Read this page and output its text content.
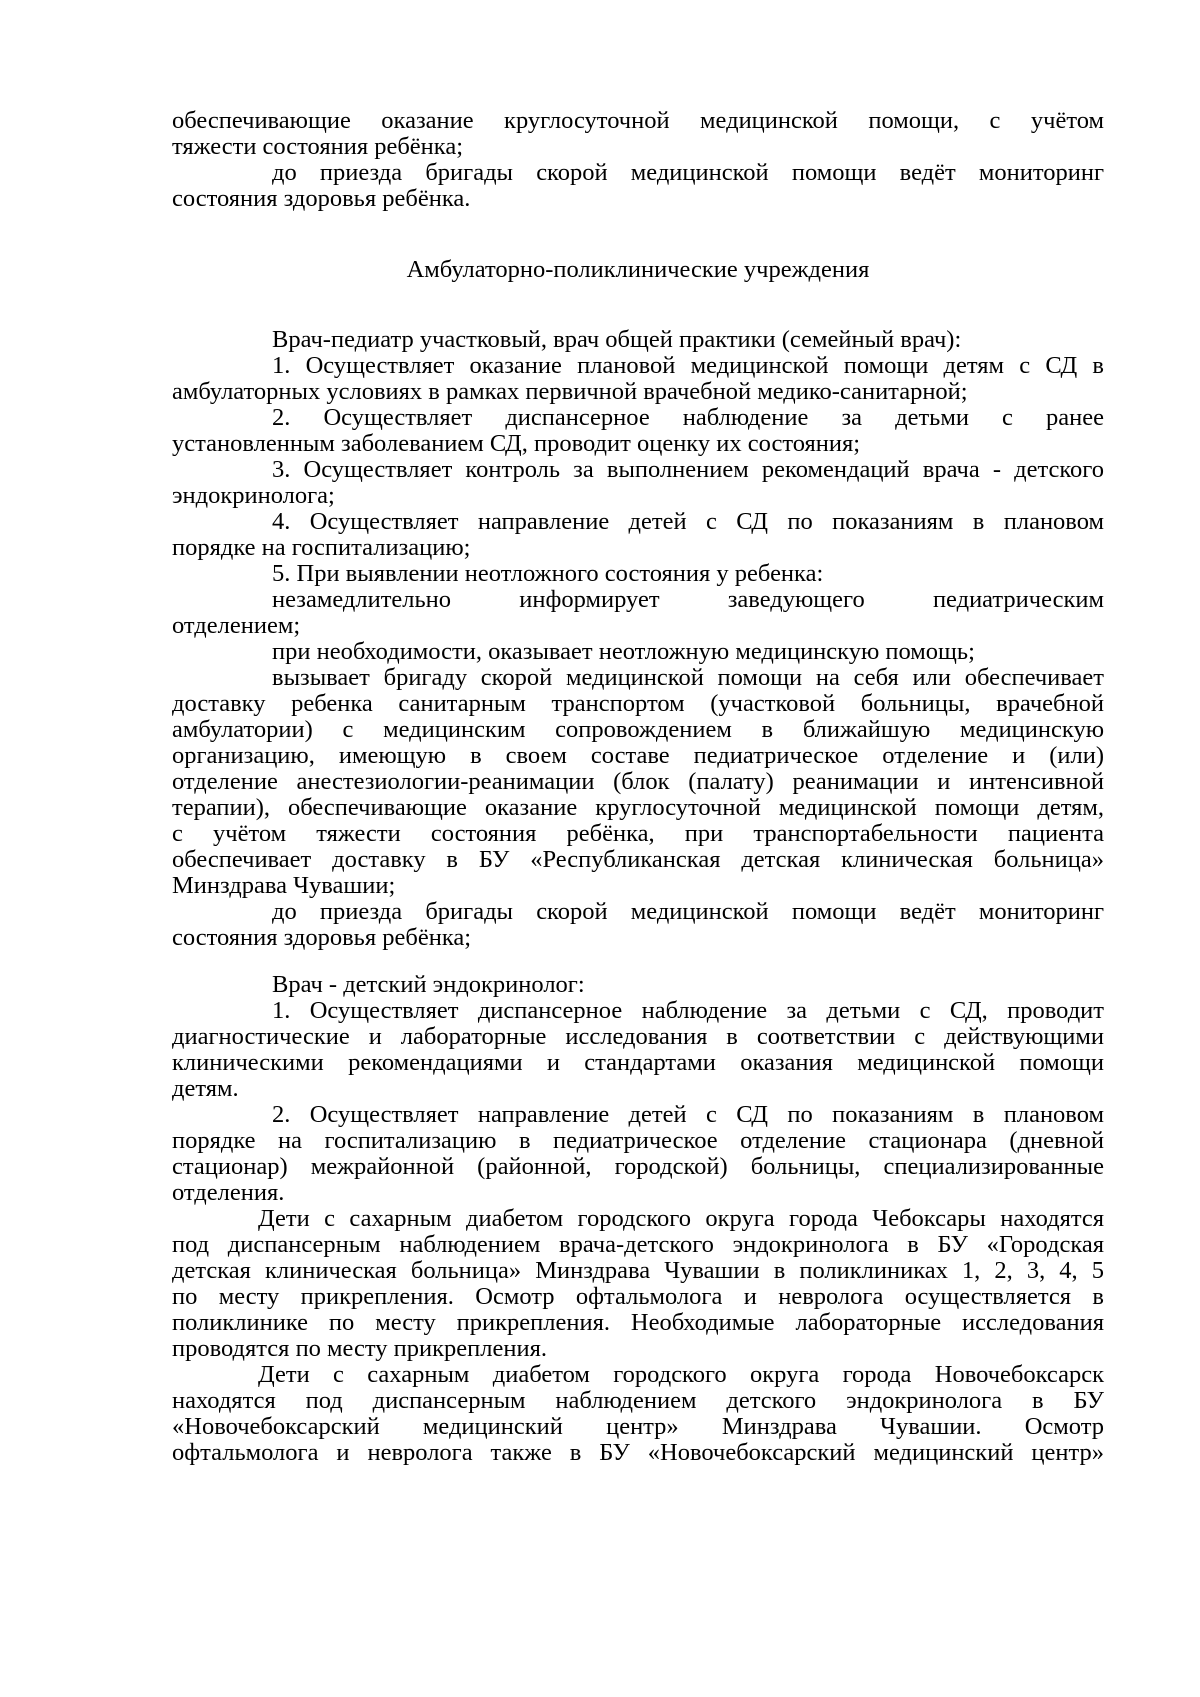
обеспечивающие оказание круглосуточной медицинской помощи, с учётом
тяжести состояния ребёнка;
до приезда бригады скорой медицинской помощи ведёт мониторинг
состояния здоровья ребёнка.
Амбулаторно-поликлинические учреждения
Врач-педиатр участковый, врач общей практики (семейный врач):
1. Осуществляет оказание плановой медицинской помощи детям с СД в
амбулаторных условиях в рамках первичной врачебной медико-санитарной;
2. Осуществляет диспансерное наблюдение за детьми с ранее
установленным заболеванием СД, проводит оценку их состояния;
3. Осуществляет контроль за выполнением рекомендаций врача - детского
эндокринолога;
4. Осуществляет направление детей с СД по показаниям в плановом
порядке на госпитализацию;
5. При выявлении неотложного состояния у ребенка:
незамедлительно информирует заведующего педиатрическим
отделением;
при необходимости, оказывает неотложную медицинскую помощь;
вызывает бригаду скорой медицинской помощи на себя или обеспечивает
доставку ребенка санитарным транспортом (участковой больницы, врачебной
амбулатории) с медицинским сопровождением в ближайшую медицинскую
организацию, имеющую в своем составе педиатрическое отделение и (или)
отделение анестезиологии-реанимации (блок (палату) реанимации и интенсивной
терапии), обеспечивающие оказание круглосуточной медицинской помощи детям,
с учётом тяжести состояния ребёнка, при транспортабельности пациента
обеспечивает доставку в БУ «Республиканская детская клиническая больница»
Минздрава Чувашии;
до приезда бригады скорой медицинской помощи ведёт мониторинг
состояния здоровья ребёнка;
Врач - детский эндокринолог:
1. Осуществляет диспансерное наблюдение за детьми с СД, проводит
диагностические и лабораторные исследования в соответствии с действующими
клиническими рекомендациями и стандартами оказания медицинской помощи
детям.
2. Осуществляет направление детей с СД по показаниям в плановом
порядке на госпитализацию в педиатрическое отделение стационара (дневной
стационар) межрайонной (районной, городской) больницы, специализированные
отделения.
Дети с сахарным диабетом городского округа города Чебоксары находятся
под диспансерным наблюдением врача-детского эндокринолога в БУ «Городская
детская клиническая больница» Минздрава Чувашии в поликлиниках 1, 2, 3, 4, 5
по месту прикрепления. Осмотр офтальмолога и невролога осуществляется в
поликлинике по месту прикрепления. Необходимые лабораторные исследования
проводятся по месту прикрепления.
Дети с сахарным диабетом городского округа города Новочебоксарск
находятся под диспансерным наблюдением детского эндокринолога в БУ
«Новочебоксарский медицинский центр» Минздрава Чувашии. Осмотр
офтальмолога и невролога также в БУ «Новочебоксарский медицинский центр»
